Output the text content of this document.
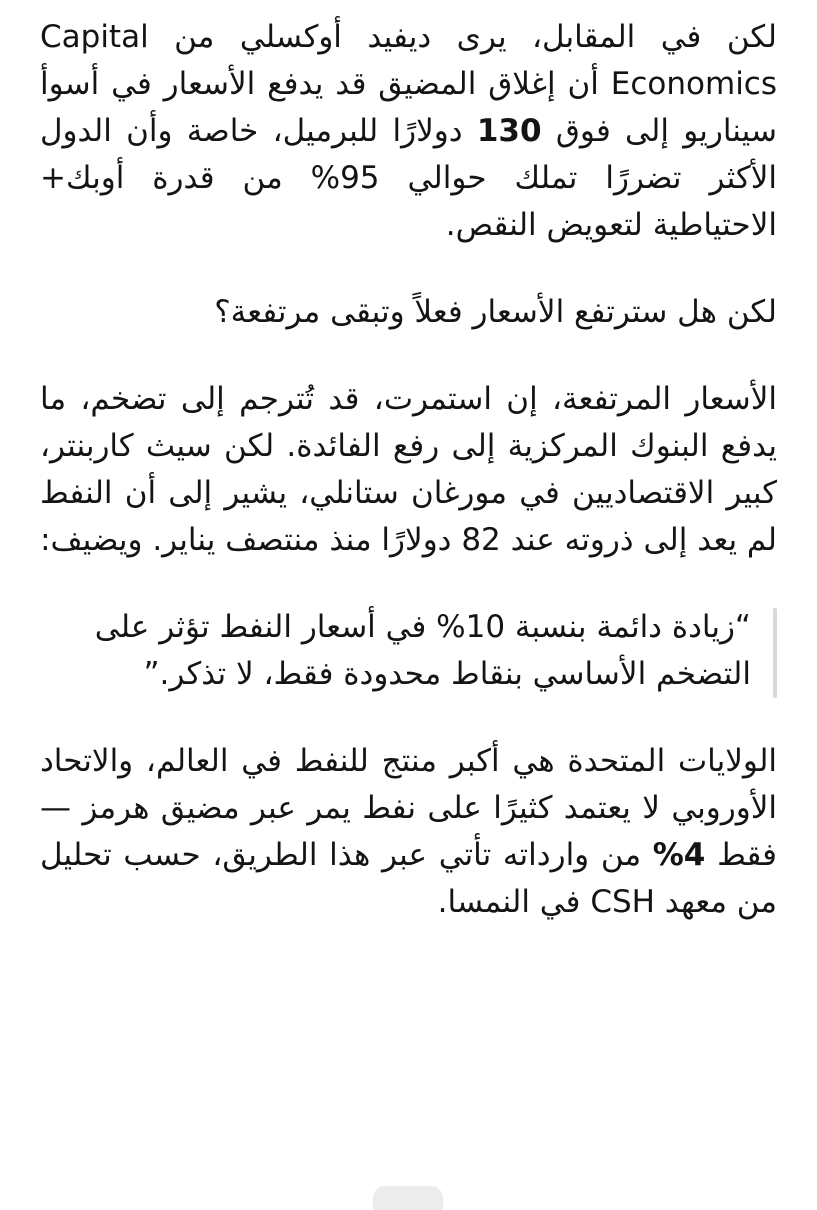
لكن في المقابل، يرى ديفيد أوكسلي من Capital Economics أن إغلاق المضيق قد يدفع الأسعار في أسوأ سيناريو إلى فوق 130 دولارًا للبرميل، خاصة وأن الدول الأكثر تضررًا تملك حوالي 95% من قدرة أوبك+ الاحتياطية لتعويض النقص.

لكن هل سترتفع الأسعار فعلاً وتبقى مرتفعة؟

الأسعار المرتفعة، إن استمرت، قد تُترجم إلى تضخم، ما يدفع البنوك المركزية إلى رفع الفائدة. لكن سيث كاربنتر، كبير الاقتصاديين في مورغان ستانلي، يشير إلى أن النفط لم يعد إلى ذروته عند 82 دولارًا منذ منتصف يناير. ويضيف:

“زيادة دائمة بنسبة 10% في أسعار النفط تؤثر على التضخم الأساسي بنقاط محدودة فقط، لا تذكر.”

الولايات المتحدة هي أكبر منتج للنفط في العالم، والاتحاد الأوروبي لا يعتمد كثيرًا على نفط يمر عبر مضيق هرمز — فقط 4% من وارداته تأتي عبر هذا الطريق، حسب تحليل من معهد CSH في النمسا.
